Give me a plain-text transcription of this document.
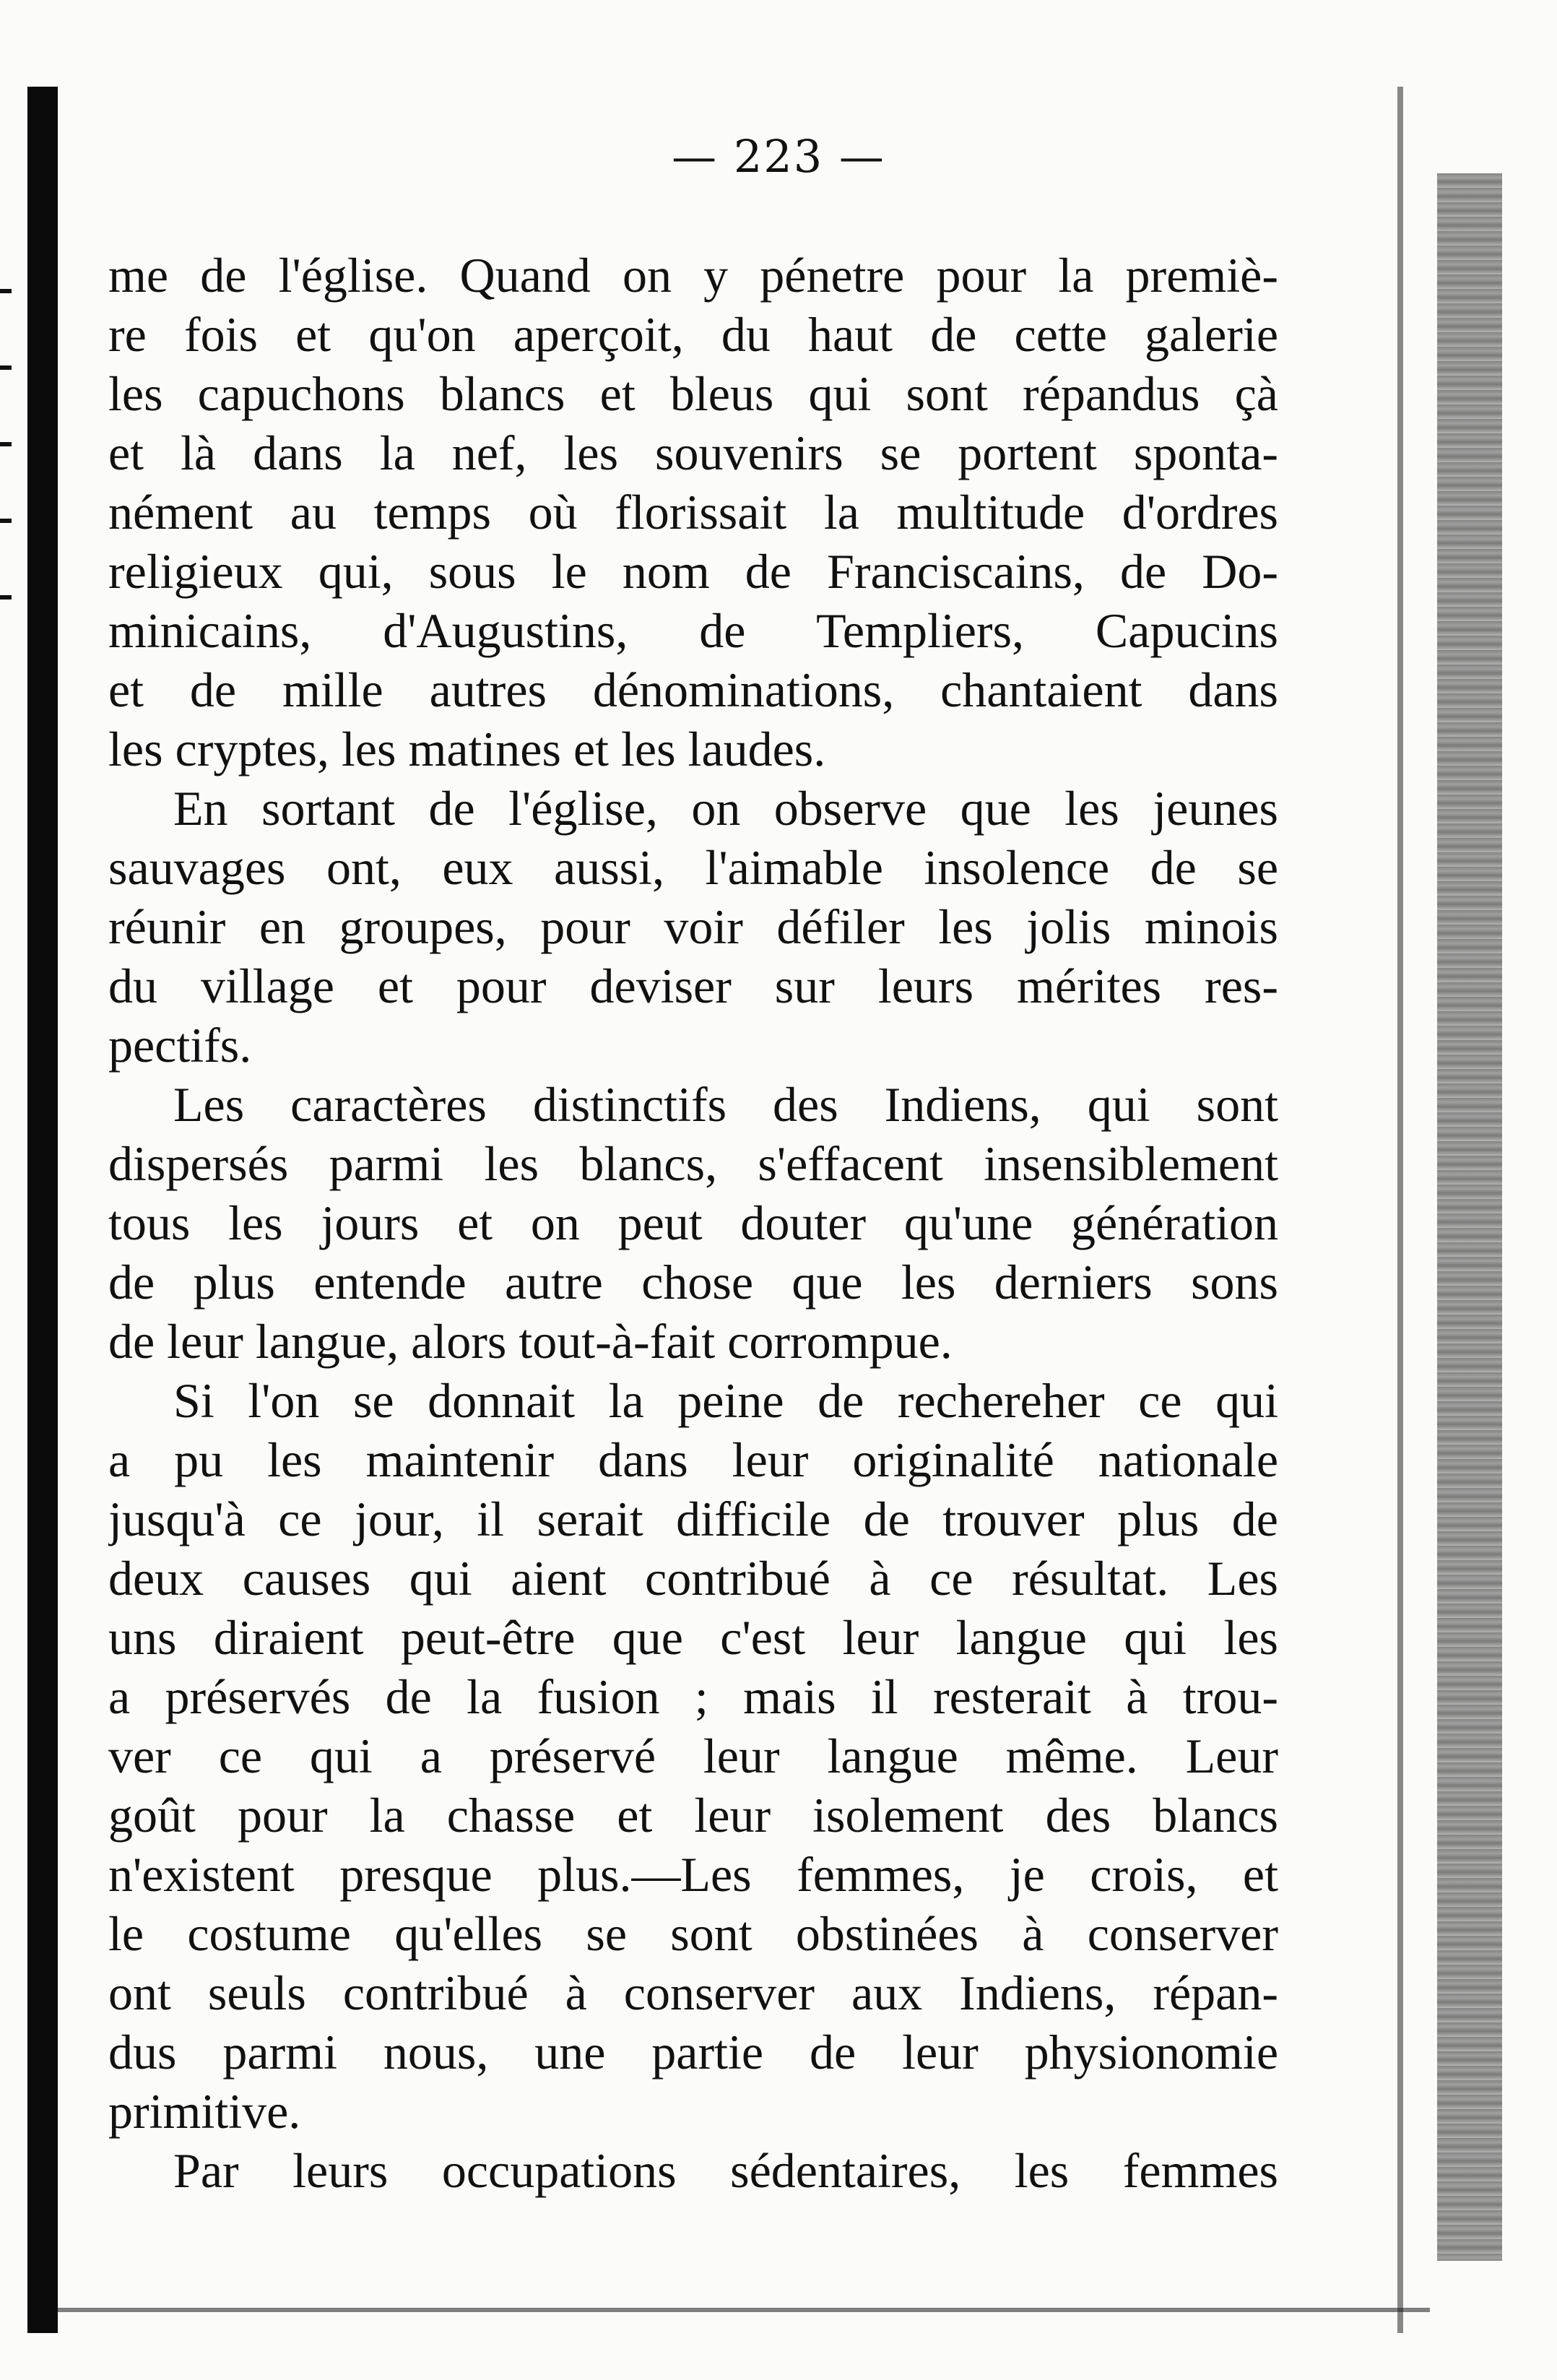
— 223 —
me de l'église. Quand on y pénetre pour la premiè-
re fois et qu'on aperçoit, du haut de cette galerie
les capuchons blancs et bleus qui sont répandus çà
et là dans la nef, les souvenirs se portent sponta-
nément au temps où florissait la multitude d'ordres
religieux qui, sous le nom de Franciscains, de Do-
minicains, d'Augustins, de Templiers, Capucins
et de mille autres dénominations, chantaient dans
les cryptes, les matines et les laudes.
En sortant de l'église, on observe que les jeunes
sauvages ont, eux aussi, l'aimable insolence de se
réunir en groupes, pour voir défiler les jolis minois
du village et pour deviser sur leurs mérites res-
pectifs.
Les caractères distinctifs des Indiens, qui sont
dispersés parmi les blancs, s'effacent insensiblement
tous les jours et on peut douter qu'une génération
de plus entende autre chose que les derniers sons
de leur langue, alors tout-à-fait corrompue.
Si l'on se donnait la peine de rechereher ce qui
a pu les maintenir dans leur originalité nationale
jusqu'à ce jour, il serait difficile de trouver plus de
deux causes qui aient contribué à ce résultat. Les
uns diraient peut-être que c'est leur langue qui les
a préservés de la fusion ; mais il resterait à trou-
ver ce qui a préservé leur langue même. Leur
goût pour la chasse et leur isolement des blancs
n'existent presque plus.—Les femmes, je crois, et
le costume qu'elles se sont obstinées à conserver
ont seuls contribué à conserver aux Indiens, répan-
dus parmi nous, une partie de leur physionomie
primitive.
Par leurs occupations sédentaires, les femmes
